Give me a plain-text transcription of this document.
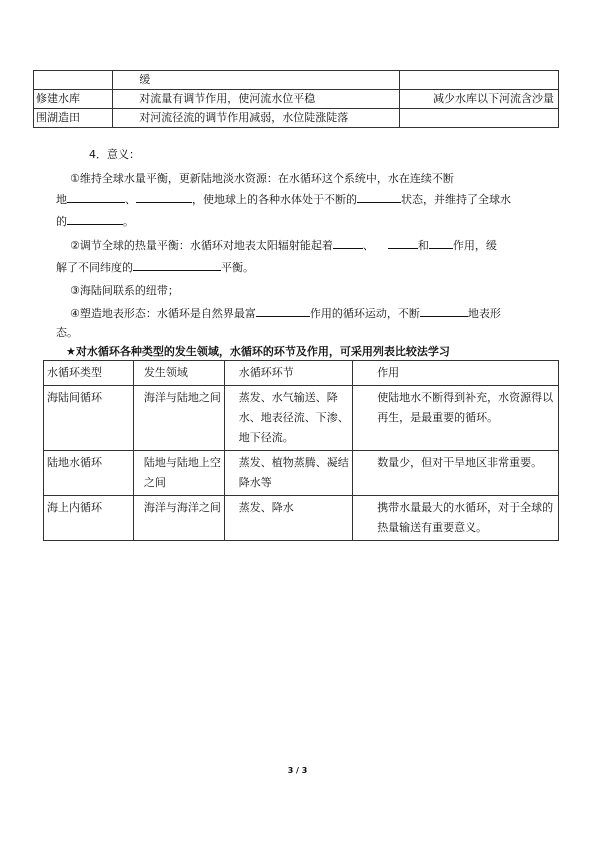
	缓	
修建水库	对流量有调节作用，使河流水位平稳	减少水库以下河流含沙量
围湖造田	对河流径流的调节作用减弱，水位陡涨陡落	
4．意义：
①维持全球水量平衡，更新陆地淡水资源：在水循环这个系统中，水在连续不断
地	、	，使地球上的各种水体处于不断的	状态，并维持了全球水
的	。
②调节全球的热量平衡：水循环对地表太阳辐射能起着	、	和 作用，缓
解了不同纬度的	平衡。
③海陆间联系的纽带；
④塑造地表形态：水循环是自然界最富	作用的循环运动，不断	地表形
态。
★对水循环各种类型的发生领域，水循环的环节及作用，可采用列表比较法学习
水循环类型	发生领域	水循环环节	作用
海陆间循环	海洋与陆地之间	蒸发、水气输送、降水、地表径流、下渗、地下径流。	使陆地水不断得到补充，水资源得以再生，是最重要的循环。
陆地水循环	陆地与陆地上空之间	蒸发、植物蒸腾、凝结降水等	数量少，但对干旱地区非常重要。
海上内循环	海洋与海洋之间	蒸发、降水	携带水量最大的水循环，对于全球的热量输送有重要意义。
3 / 3
